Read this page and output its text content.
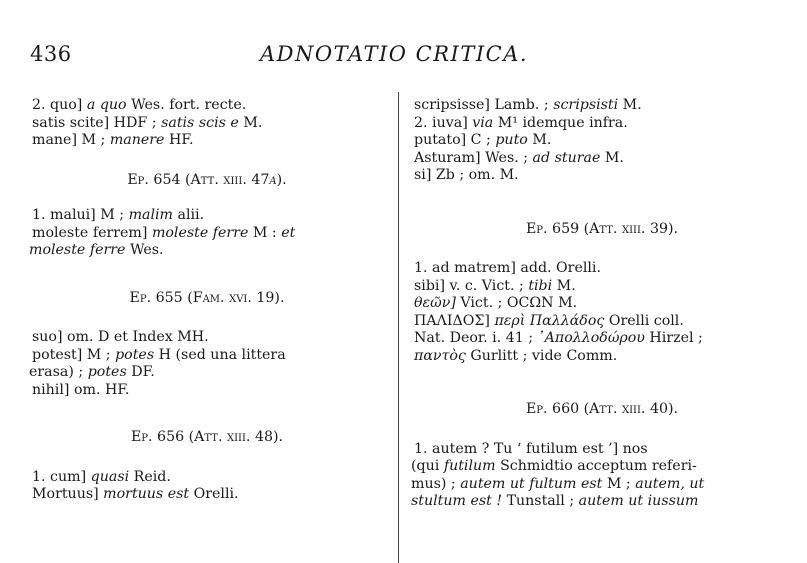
436	ADNOTATIO CRITICA.
2. quo] a quo Wes. fort. recte.
satis scite] HDF ; satis scis e M.
mane] M ; manere HF.
Ep. 654 (Att. xiii. 47a).
1. malui] M ; malim alii.
moleste ferrem] moleste ferre M : et
moleste ferre Wes.
Ep. 655 (Fam. xvi. 19).
suo] om. D et Index MH.
potest] M ; potes H (sed una littera
erasa) ; potes DF.
nihil] om. HF.
Ep. 656 (Att. xiii. 48).
1. cum] quasi Reid.
Mortuus] mortuus est Orelli.
scripsisse] Lamb. ; scripsisti M.
2. iuva] via M¹ idemque infra.
putato] C ; puto M.
Asturam] Wes. ; ad sturae M.
si] Zb ; om. M.
Ep. 659 (Att. xiii. 39).
1. ad matrem] add. Orelli.
sibi] v. c. Vict. ; tibi M.
θεῶν] Vict. ; ΟCΩΝ M.
ΠΑΛΙΔΟΣ] περὶ Παλλάδος Orelli coll.
Nat. Deor. i. 41 ; ᾿Απολλοδώρου Hirzel ;
παντὸς Gurlitt ; vide Comm.
Ep. 660 (Att. xiii. 40).
1. autem ? Tu ‘ futilum est ’] nos
(qui futilum Schmidtio acceptum referi-
mus) ; autem ut fultum est M ; autem, ut
stultum est ! Tunstall ; autem ut iussum
